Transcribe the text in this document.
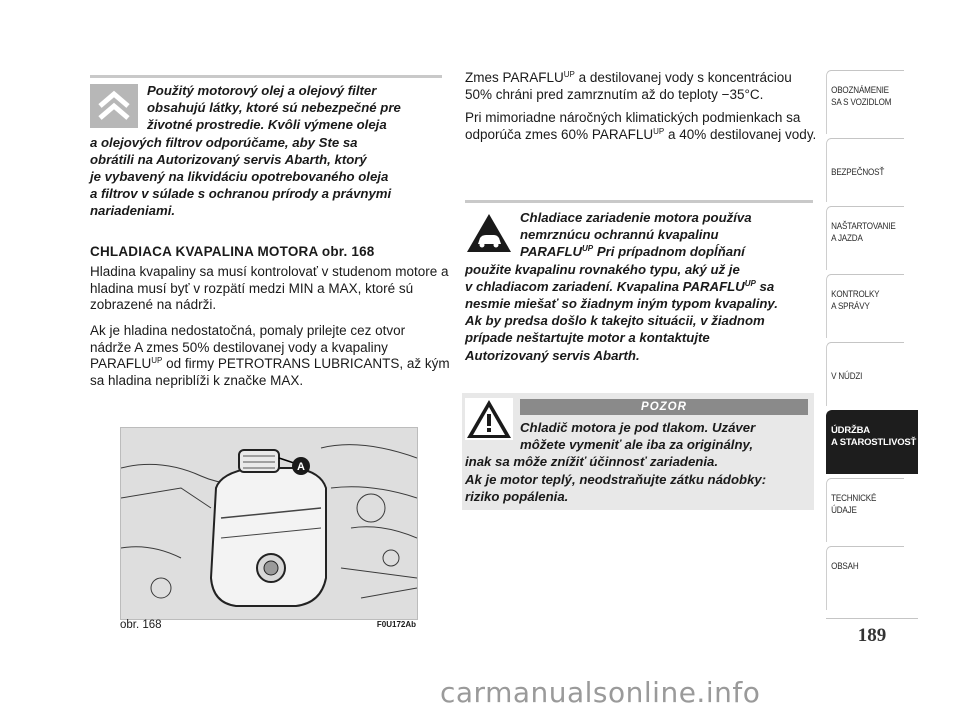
Použitý motorový olej a olejový filter
obsahujú látky, ktoré sú nebezpečné pre
životné prostredie. Kvôli výmene oleja
a olejových filtrov odporúčame, aby Ste sa
obrátili na Autorizovaný servis Abarth, ktorý
je vybavený na likvidáciu opotrebovaného oleja
a filtrov v súlade s ochranou prírody a právnymi
nariadeniami.
CHLADIACA KVAPALINA MOTORA obr. 168
Hladina kvapaliny sa musí kontrolovať v studenom motore a hladina musí byť v rozpätí medzi MIN a MAX, ktoré sú zobrazené na nádrži.
Ak je hladina nedostatočná, pomaly prilejte cez otvor nádrže A zmes 50% destilovanej vody a kvapaliny $PARAFLU^{UP}$ od firmy PETROTRANS LUBRICANTS, až kým sa hladina nepriblíži k značke MAX.
A
obr. 168	F0U172Ab
Zmes $PARAFLU^{UP}$ a destilovanej vody s koncentráciou 50% chráni pred zamrznutím až do teploty −35°C.
Pri mimoriadne náročných klimatických podmienkach sa odporúča zmes 60% $PARAFLU^{UP}$ a 40% destilovanej vody.
Chladiace zariadenie motora používa
nemrznúcu ochrannú kvapalinu
$PARAFLU^{UP}$ Pri prípadnom dopĺňaní
použite kvapalinu rovnakého typu, aký už je
v chladiacom zariadení. Kvapalina $PARAFLU^{UP}$ sa
nesmie miešať so žiadnym iným typom kvapaliny.
Ak by predsa došlo k takejto situácii, v žiadnom
prípade neštartujte motor a kontaktujte
Autorizovaný servis Abarth.
POZOR
Chladič motora je pod tlakom. Uzáver
môžete vymeniť ale iba za originálny,
inak sa môže znížiť účinnosť zariadenia.
Ak je motor teplý, neodstraňujte zátku nádobky:
riziko popálenia.
OBOZNÁMENIE
SA S VOZIDLOM
BEZPEČNOSŤ
NAŠTARTOVANIE
A JAZDA
KONTROLKY
A SPRÁVY
V NÚDZI
ÚDRŽBA
A STAROSTLIVOSŤ
TECHNICKÉ
ÚDAJE
OBSAH
189
carmanualsonline.info
